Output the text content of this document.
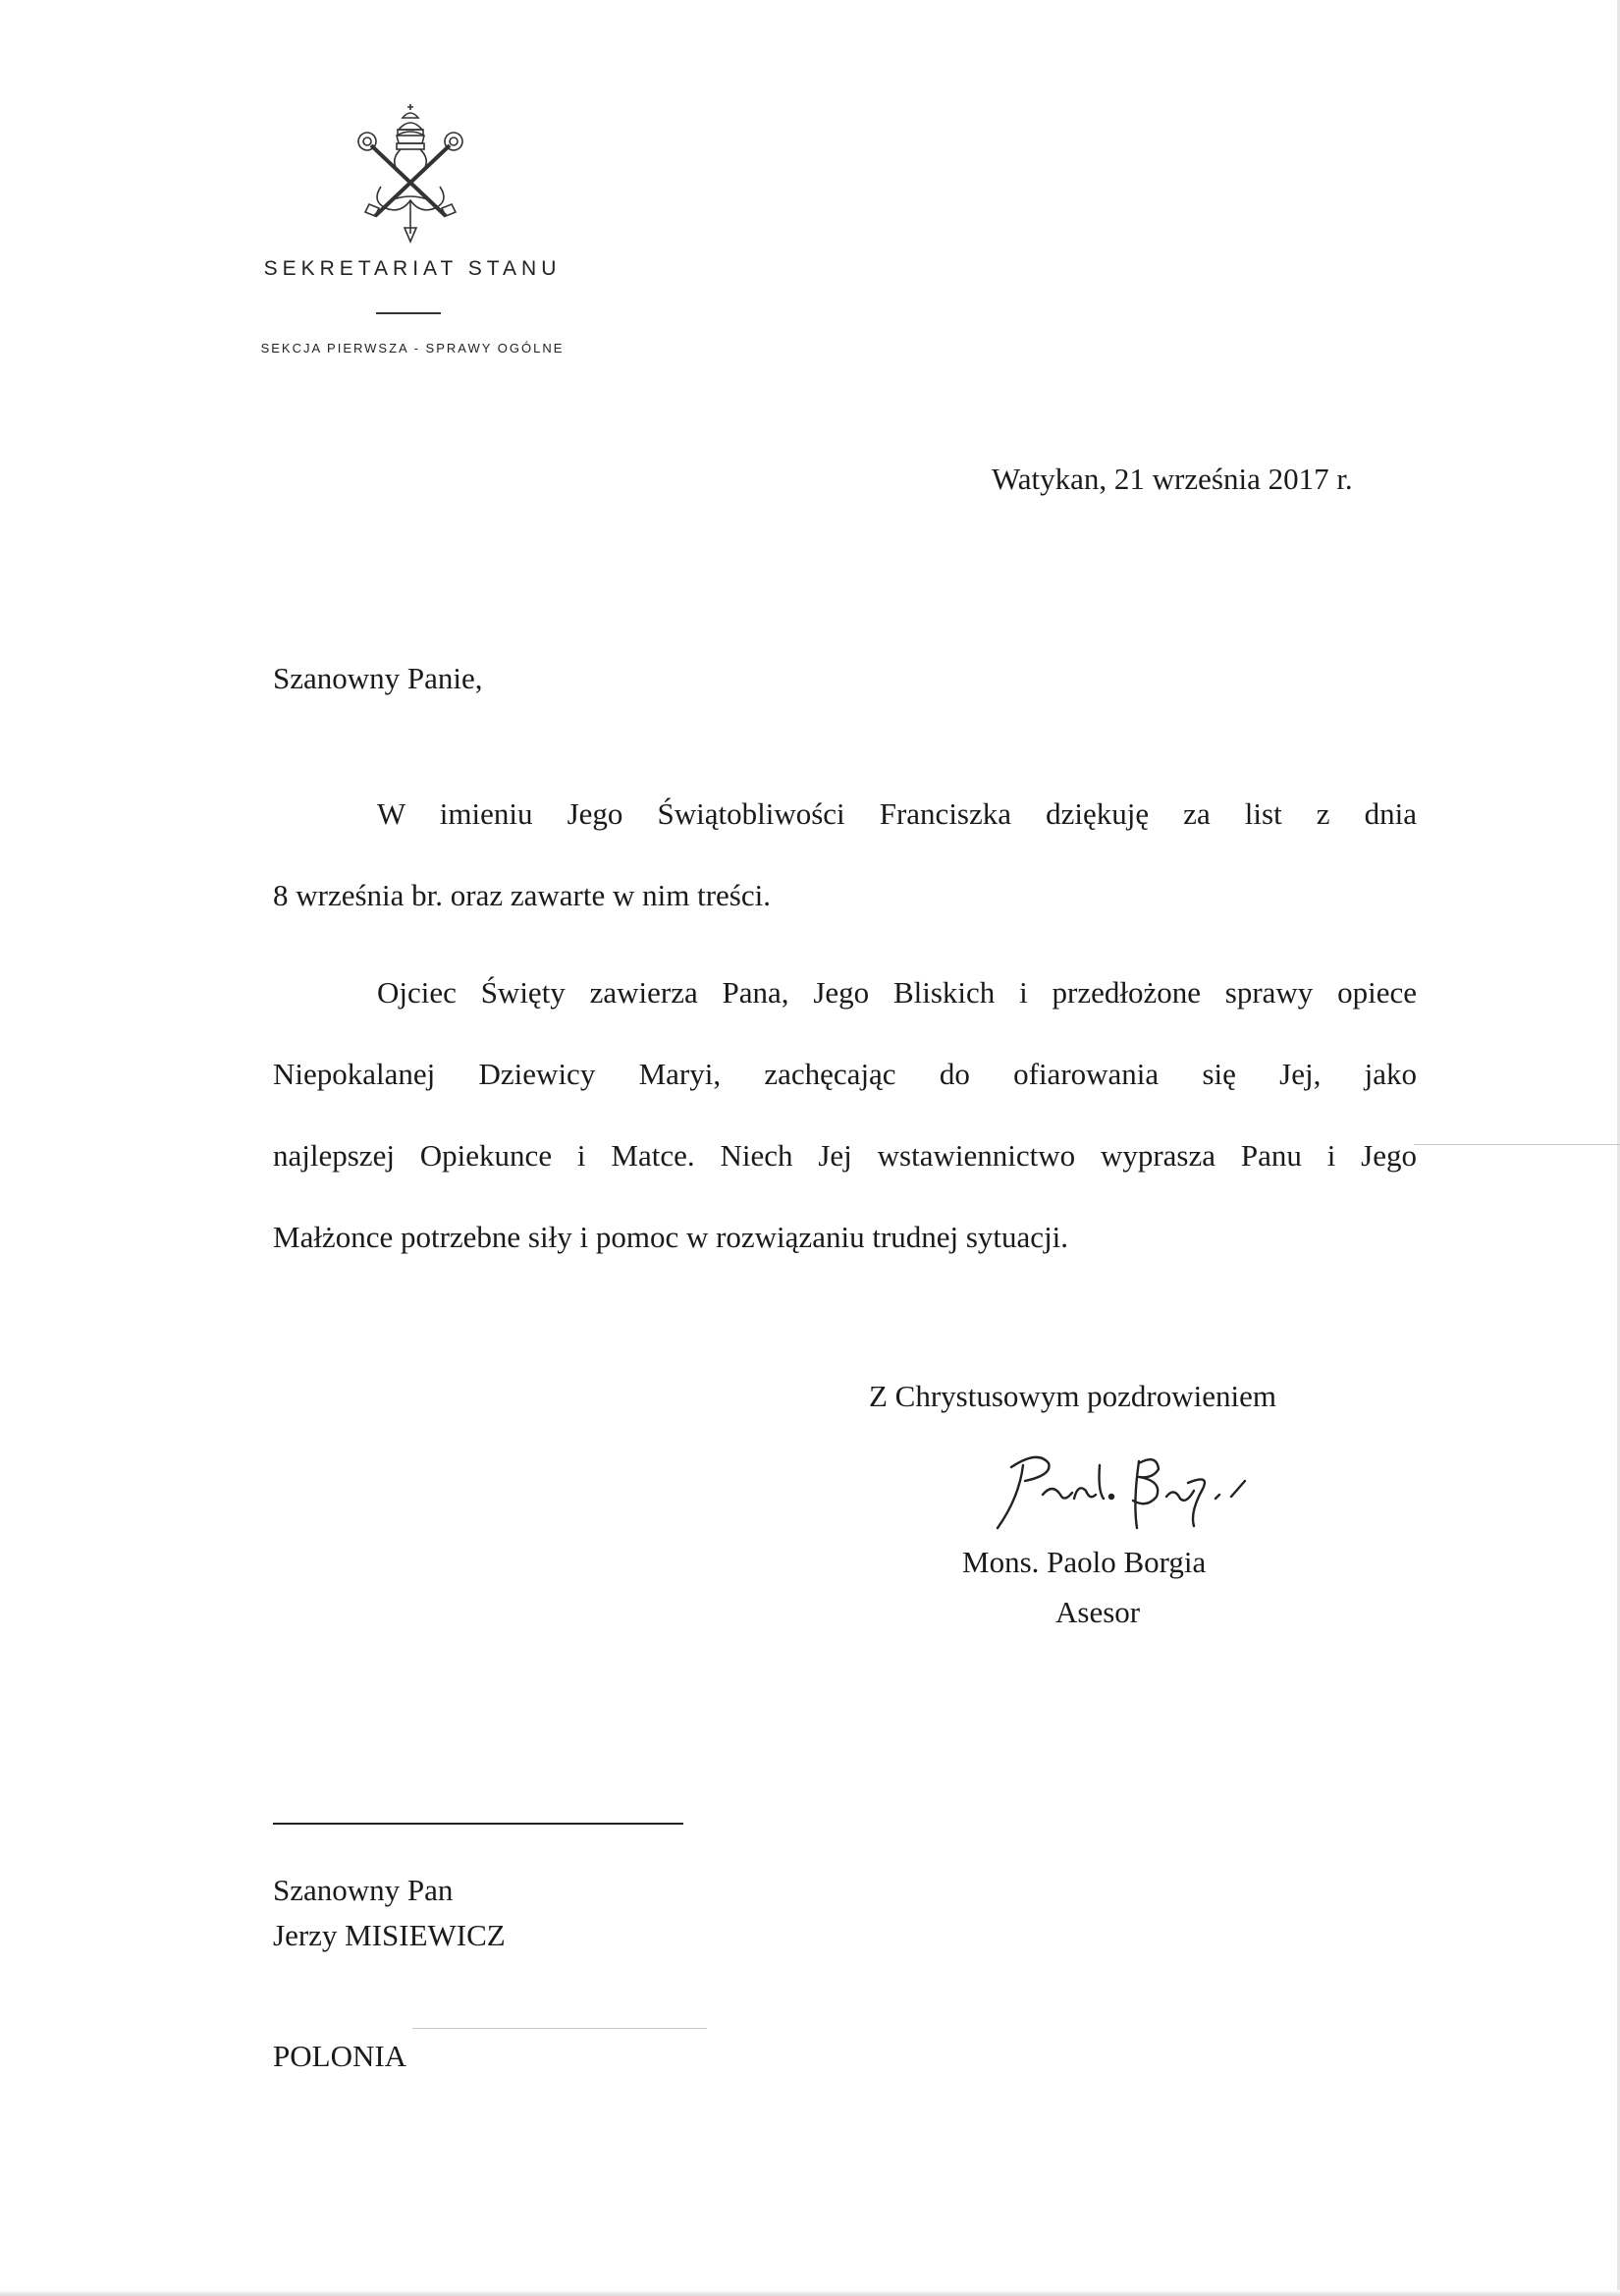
SEKRETARIAT STANU
SEKCJA PIERWSZA - SPRAWY OGÓLNE
Watykan, 21 września 2017 r.
Szanowny Panie,
W imieniu Jego Świątobliwości Franciszka dziękuję za list z dnia
8 września br. oraz zawarte w nim treści.
Ojciec Święty zawierza Pana, Jego Bliskich i przedłożone sprawy opiece
Niepokalanej Dziewicy Maryi, zachęcając do ofiarowania się Jej, jako
najlepszej Opiekunce i Matce. Niech Jej wstawiennictwo wyprasza Panu i Jego
Małżonce potrzebne siły i pomoc w rozwiązaniu trudnej sytuacji.
Z Chrystusowym pozdrowieniem
Mons. Paolo Borgia
Asesor
Szanowny Pan
Jerzy MISIEWICZ
POLONIA
